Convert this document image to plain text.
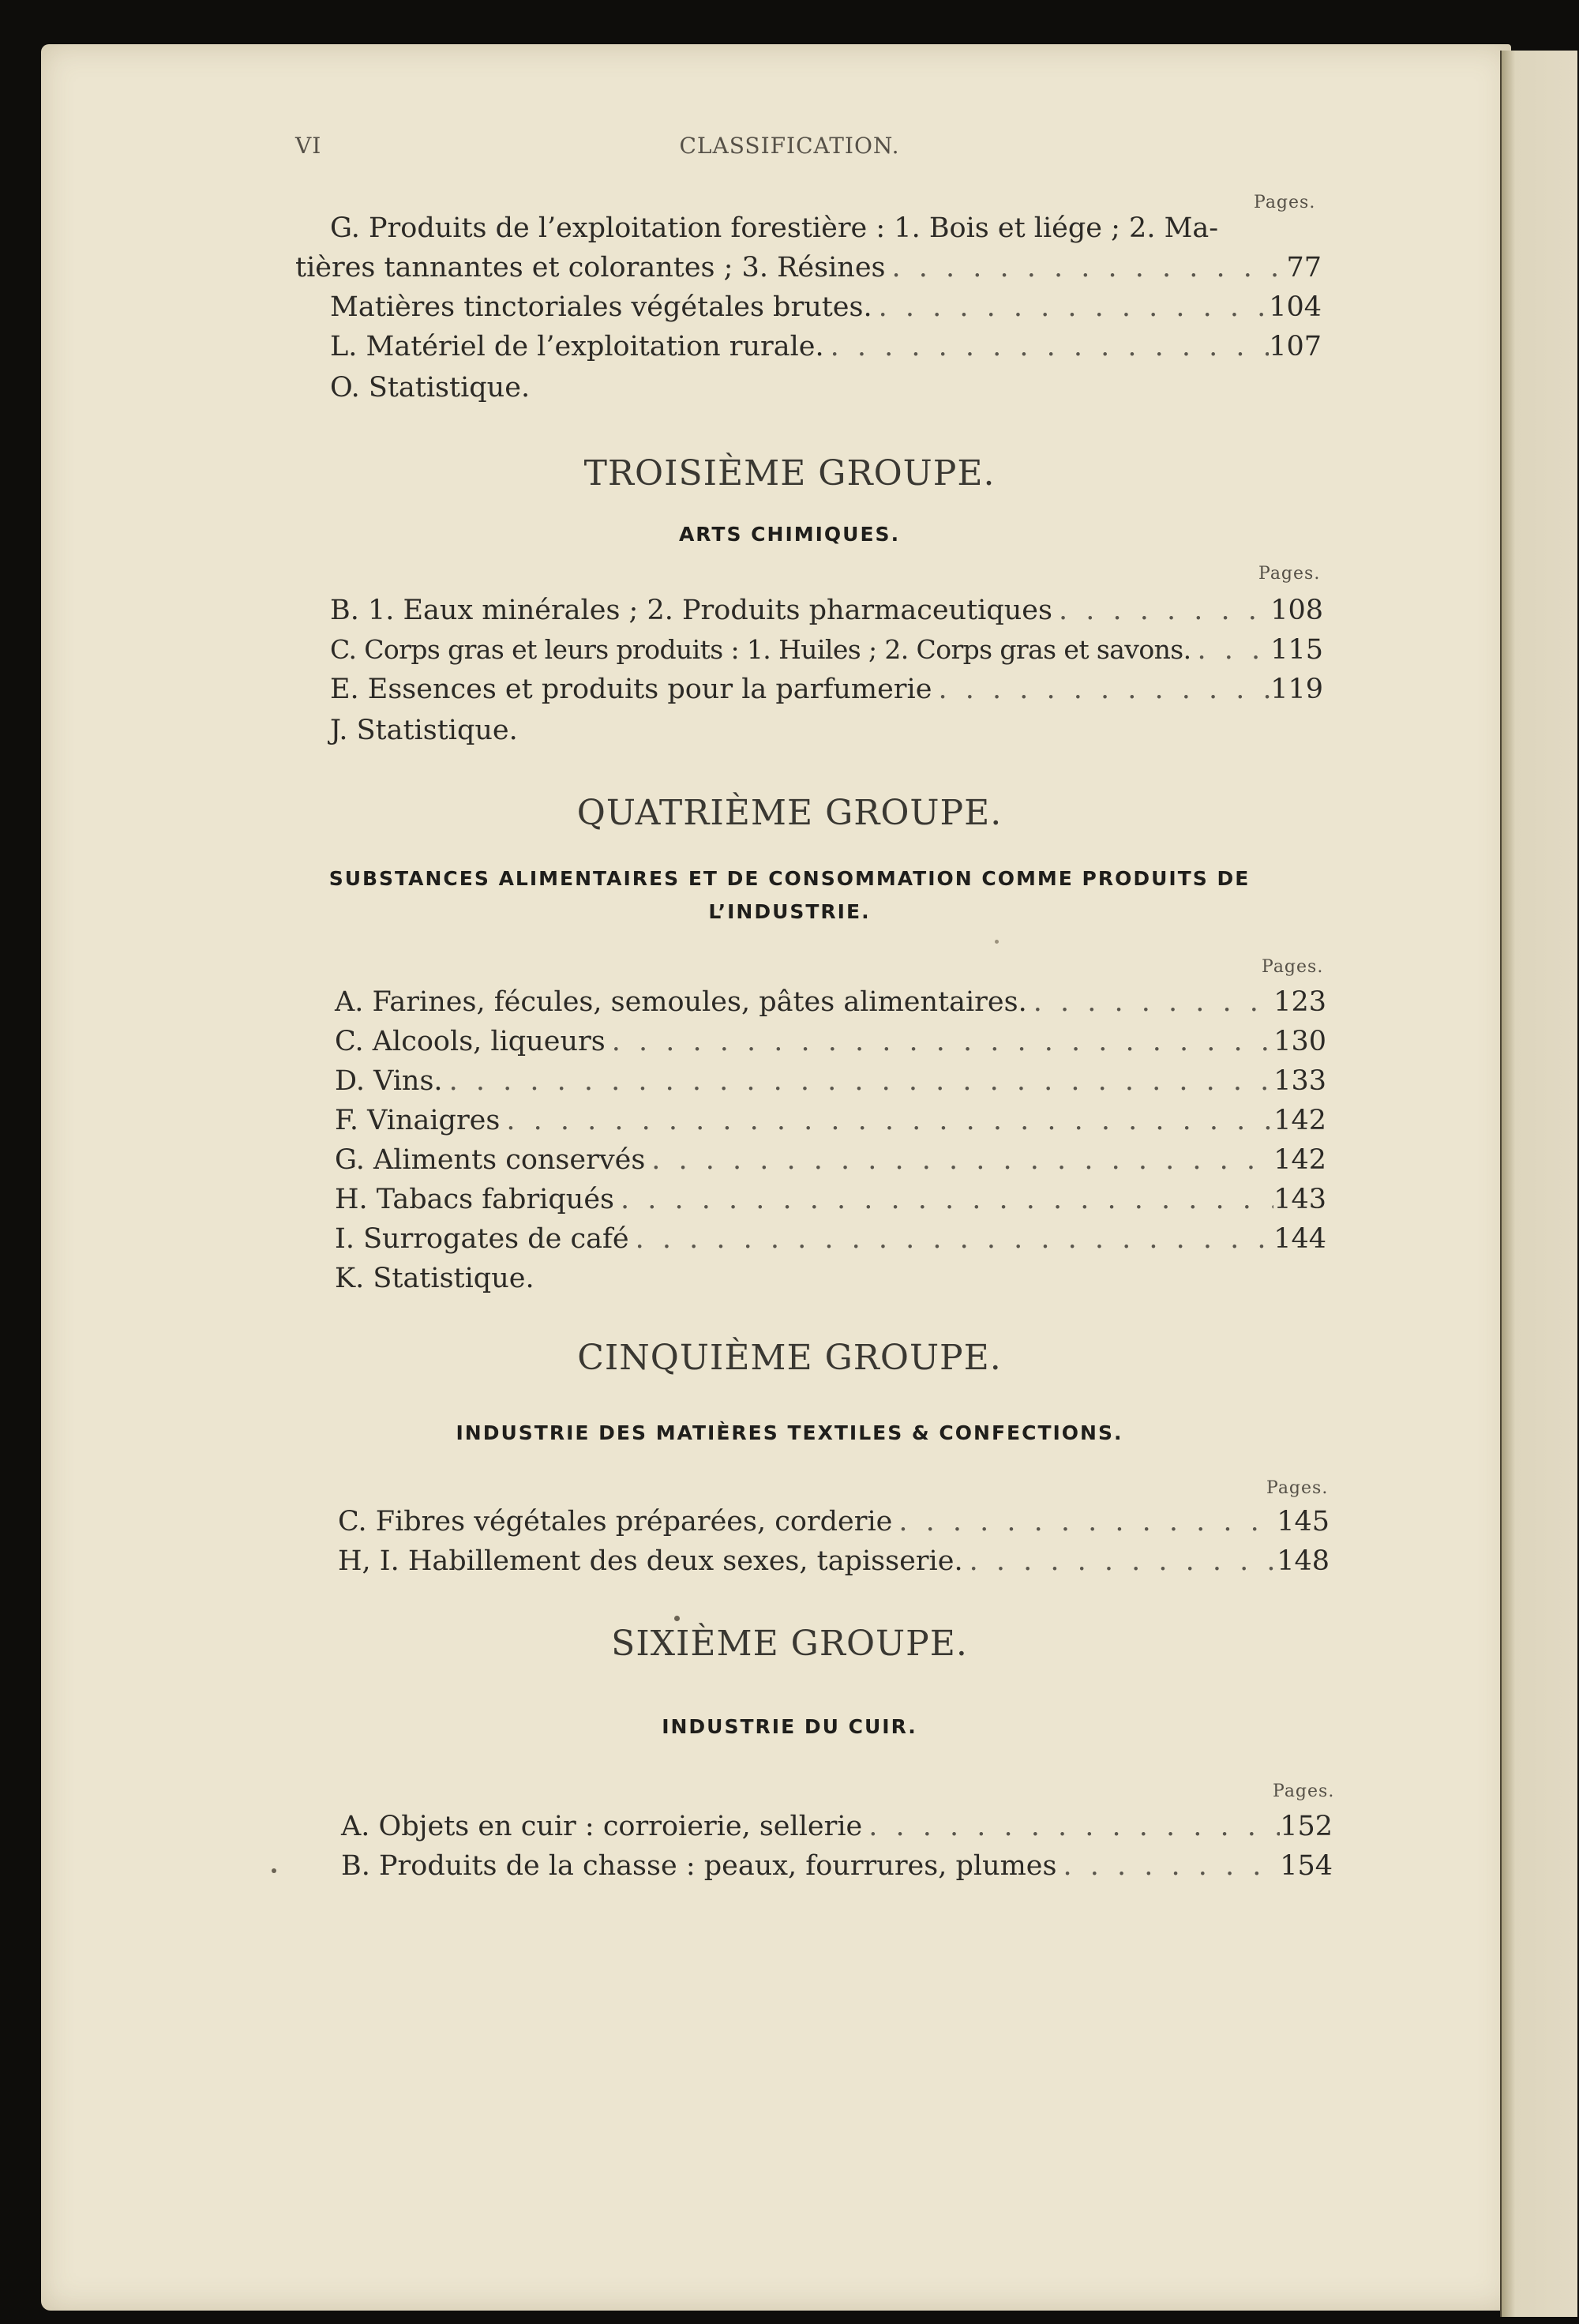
VI	CLASSIFICATION.
Pages.
G. Produits de l’exploitation forestière : 1. Bois et liége ; 2. Ma-
tières tannantes et colorantes ; 3. Résines . . .	77
Matières tinctoriales végétales brutes. . . .	104
L. Matériel de l’exploitation rurale. . . .	107
O. Statistique.
TROISIÈME GROUPE.
ARTS CHIMIQUES.
Pages.
B. 1. Eaux minérales ; 2. Produits pharmaceutiques . . .	108
C. Corps gras et leurs produits : 1. Huiles ; 2. Corps gras et savons. . . .	115
E. Essences et produits pour la parfumerie . . .	119
J. Statistique.
QUATRIÈME GROUPE.
SUBSTANCES ALIMENTAIRES ET DE CONSOMMATION COMME PRODUITS DE
L’INDUSTRIE.
Pages.
A. Farines, fécules, semoules, pâtes alimentaires. . . .	123
C. Alcools, liqueurs . . .	130
D. Vins. . . .	133
F. Vinaigres . . .	142
G. Aliments conservés . . .	142
H. Tabacs fabriqués . . .	143
I. Surrogates de café . . .	144
K. Statistique.
CINQUIÈME GROUPE.
INDUSTRIE DES MATIÈRES TEXTILES & CONFECTIONS.
Pages.
C. Fibres végétales préparées, corderie . . .	145
H, I. Habillement des deux sexes, tapisserie. . . .	148
SIXIÈME GROUPE.
INDUSTRIE DU CUIR.
Pages.
A. Objets en cuir : corroierie, sellerie . . .	152
B. Produits de la chasse : peaux, fourrures, plumes . . .	154
